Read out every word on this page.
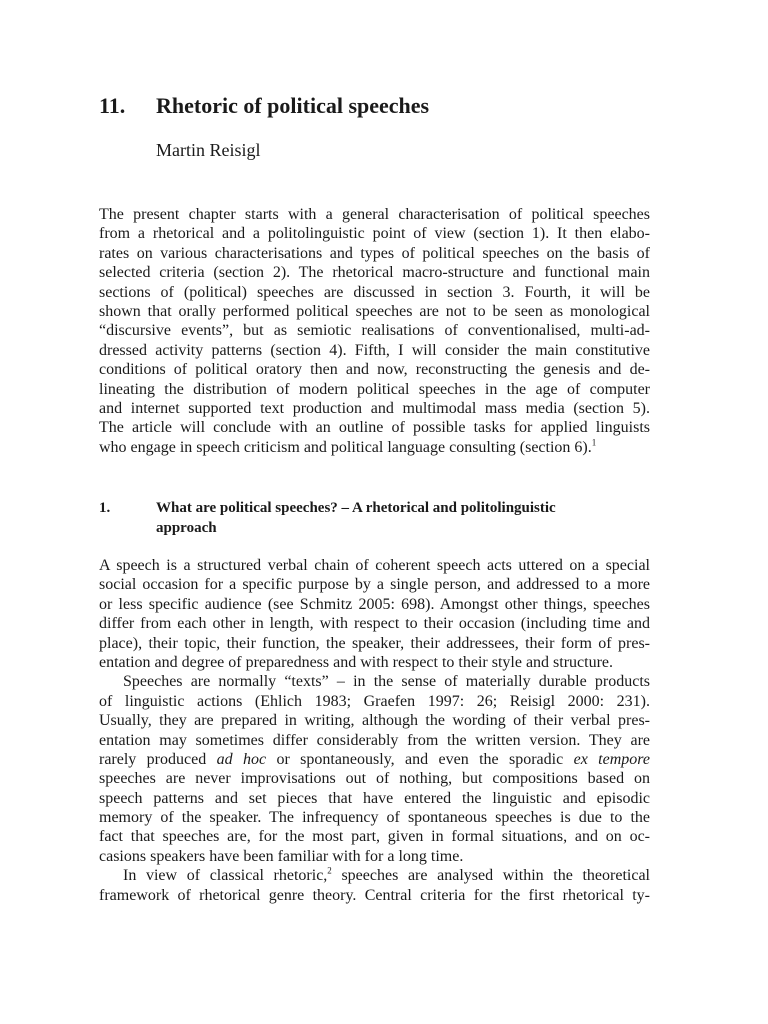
11. Rhetoric of political speeches
Martin Reisigl
The present chapter starts with a general characterisation of political speeches
from a rhetorical and a politolinguistic point of view (section 1). It then elabo-
rates on various characterisations and types of political speeches on the basis of
selected criteria (section 2). The rhetorical macro-structure and functional main
sections of (political) speeches are discussed in section 3. Fourth, it will be
shown that orally performed political speeches are not to be seen as monological
“discursive events”, but as semiotic realisations of conventionalised, multi-ad-
dressed activity patterns (section 4). Fifth, I will consider the main constitutive
conditions of political oratory then and now, reconstructing the genesis and de-
lineating the distribution of modern political speeches in the age of computer
and internet supported text production and multimodal mass media (section 5).
The article will conclude with an outline of possible tasks for applied linguists
who engage in speech criticism and political language consulting (section 6).$^1$
1.	What are political speeches? – A rhetorical and politolinguistic
approach
A speech is a structured verbal chain of coherent speech acts uttered on a special
social occasion for a specific purpose by a single person, and addressed to a more
or less specific audience (see Schmitz 2005: 698). Amongst other things, speeches
differ from each other in length, with respect to their occasion (including time and
place), their topic, their function, the speaker, their addressees, their form of pres-
entation and degree of preparedness and with respect to their style and structure.
Speeches are normally “texts” – in the sense of materially durable products
of linguistic actions (Ehlich 1983; Graefen 1997: 26; Reisigl 2000: 231).
Usually, they are prepared in writing, although the wording of their verbal pres-
entation may sometimes differ considerably from the written version. They are
rarely produced ad hoc or spontaneously, and even the sporadic ex tempore
speeches are never improvisations out of nothing, but compositions based on
speech patterns and set pieces that have entered the linguistic and episodic
memory of the speaker. The infrequency of spontaneous speeches is due to the
fact that speeches are, for the most part, given in formal situations, and on oc-
casions speakers have been familiar with for a long time.
In view of classical rhetoric,$^2$ speeches are analysed within the theoretical
framework of rhetorical genre theory. Central criteria for the first rhetorical ty-
